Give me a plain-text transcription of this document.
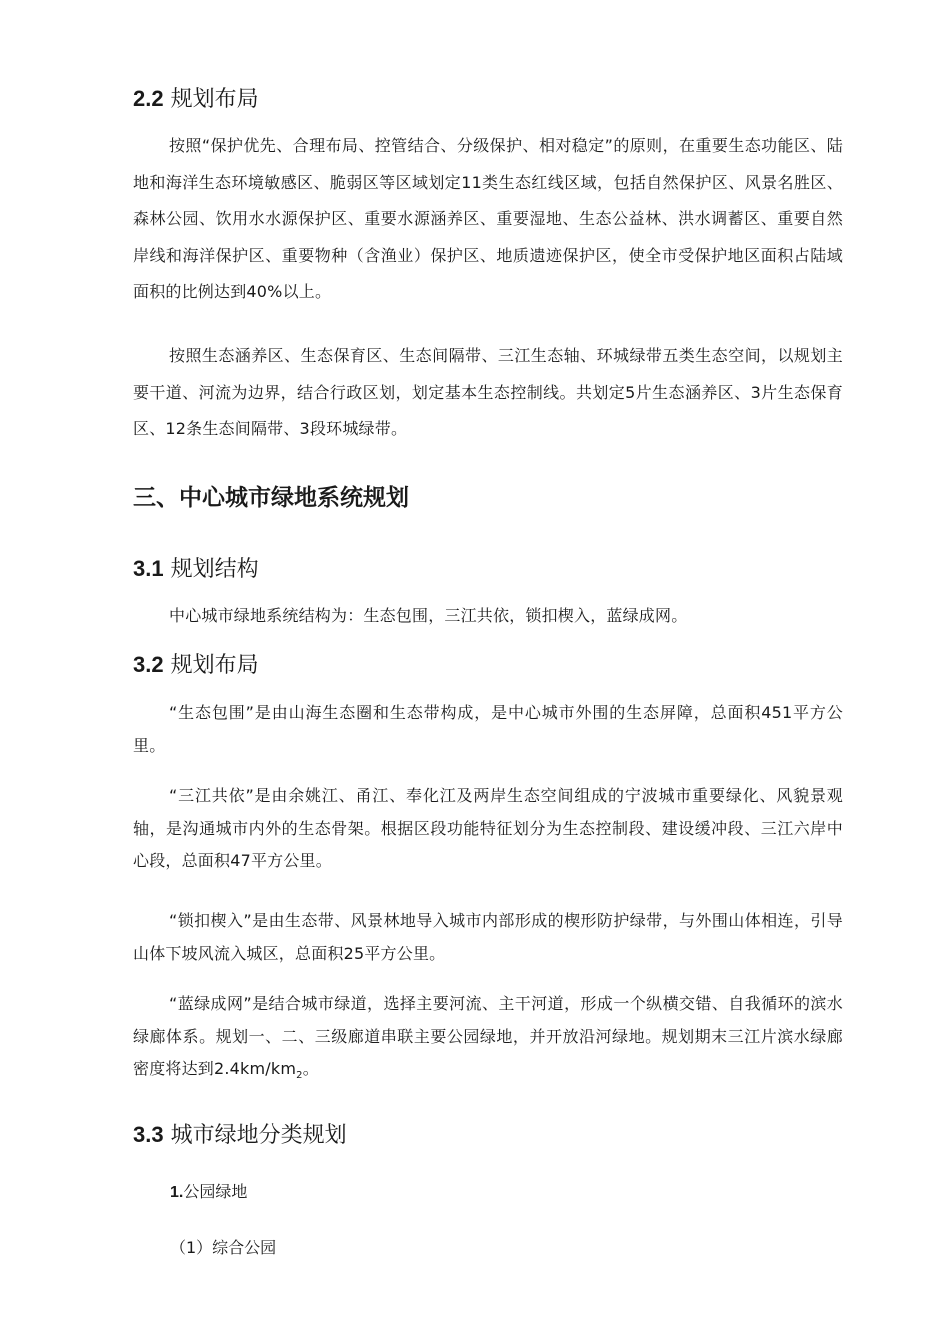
2.2 规划布局

按照“保护优先、合理布局、控管结合、分级保护、相对稳定”的原则，在重要生态功能区、陆地和海洋生态环境敏感区、脆弱区等区域划定11类生态红线区域，包括自然保护区、风景名胜区、森林公园、饮用水水源保护区、重要水源涵养区、重要湿地、生态公益林、洪水调蓄区、重要自然岸线和海洋保护区、重要物种（含渔业）保护区、地质遗迹保护区，使全市受保护地区面积占陆域面积的比例达到40%以上。

按照生态涵养区、生态保育区、生态间隔带、三江生态轴、环城绿带五类生态空间，以规划主要干道、河流为边界，结合行政区划，划定基本生态控制线。共划定5片生态涵养区、3片生态保育区、12条生态间隔带、3段环城绿带。

三、中心城市绿地系统规划
3.1 规划结构

中心城市绿地系统结构为：生态包围，三江共依，锁扣楔入，蓝绿成网。

3.2 规划布局

“生态包围”是由山海生态圈和生态带构成，是中心城市外围的生态屏障，总面积451平方公里。

“三江共依”是由余姚江、甬江、奉化江及两岸生态空间组成的宁波城市重要绿化、风貌景观轴，是沟通城市内外的生态骨架。根据区段功能特征划分为生态控制段、建设缓冲段、三江六岸中心段，总面积47平方公里。

“锁扣楔入”是由生态带、风景林地导入城市内部形成的楔形防护绿带，与外围山体相连，引导山体下坡风流入城区，总面积25平方公里。

“蓝绿成网”是结合城市绿道，选择主要河流、主干河道，形成一个纵横交错、自我循环的滨水绿廊体系。规划一、二、三级廊道串联主要公园绿地，并开放沿河绿地。规划期末三江片滨水绿廊密度将达到$2.4km/km_2$。

3.3 城市绿地分类规划
1.公园绿地
（1）综合公园
